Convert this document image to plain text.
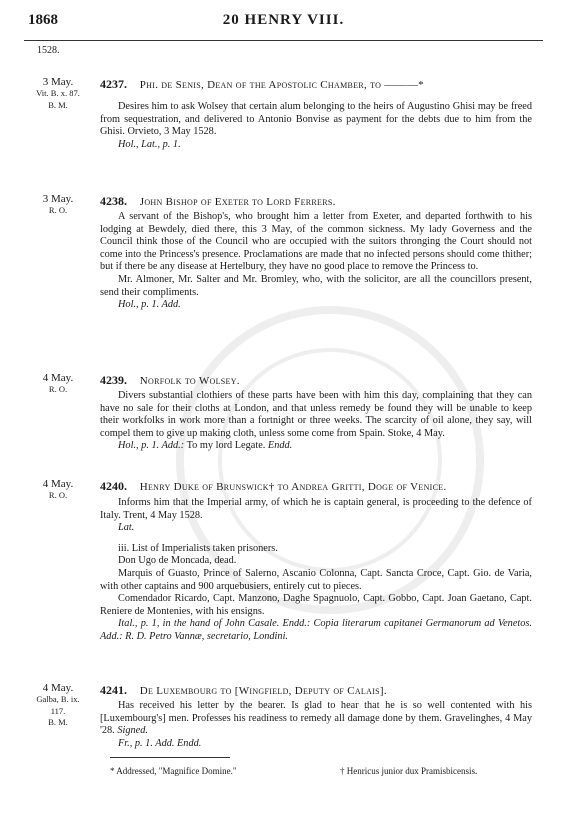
1868	20 HENRY VIII.
1528.
3 May.
Vit. B. x. 87.
B. M.
4237. Phi. de Senis, Dean of the Apostolic Chamber, to ———*

Desires him to ask Wolsey that certain alum belonging to the heirs of Augustino Ghisi may be freed from sequestration, and delivered to Antonio Bonvise as payment for the debts due to him from the Ghisi. Orvieto, 3 May 1528.

Hol., Lat., p. 1.

3 May.
R. O.
4238. John Bishop of Exeter to Lord Ferrers.

A servant of the Bishop's, who brought him a letter from Exeter, and departed forthwith to his lodging at Bewdely, died there, this 3 May, of the common sickness. My lady Governess and the Council think those of the Council who are occupied with the suitors thronging the Court should not come into the Princess's presence. Proclamations are made that no infected persons should come thither; but if there be any disease at Hertelbury, they have no good place to remove the Princess to.

Mr. Almoner, Mr. Salter and Mr. Bromley, who, with the solicitor, are all the councillors present, send their compliments.

Hol., p. 1. Add.

4 May.
R. O.
4239. Norfolk to Wolsey.

Divers substantial clothiers of these parts have been with him this day, complaining that they can have no sale for their cloths at London, and that unless remedy be found they will be unable to keep their workfolks in work more than a fortnight or three weeks. The scarcity of oil alone, they say, will compel them to give up making cloth, unless some come from Spain. Stoke, 4 May.

Hol., p. 1. Add.: To my lord Legate. Endd.

4 May.
R. O.
4240. Henry Duke of Brunswick† to Andrea Gritti, Doge of Venice.

Informs him that the Imperial army, of which he is captain general, is proceeding to the defence of Italy. Trent, 4 May 1528.

Lat.

iii. List of Imperialists taken prisoners.

Don Ugo de Moncada, dead.

Marquis of Guasto, Prince of Salerno, Ascanio Colonna, Capt. Sancta Croce, Capt. Gio. de Varia, with other captains and 900 arquebusiers, entirely cut to pieces.

Comendador Ricardo, Capt. Manzono, Daghe Spagnuolo, Capt. Gobbo, Capt. Joan Gaetano, Capt. Reniere de Montenies, with his ensigns.

Ital., p. 1, in the hand of John Casale. Endd.: Copia literarum capitanei Germanorum ad Venetos. Add.: R. D. Petro Vannæ, secretario, Londini.

4 May.
Galba, B. ix.
117.
B. M.
4241. De Luxembourg to [Wingfield, Deputy of Calais].

Has received his letter by the bearer. Is glad to hear that he is so well contented with his [Luxembourg's] men. Professes his readiness to remedy all damage done by them. Gravelinghes, 4 May '28. Signed.

Fr., p. 1. Add. Endd.

* Addressed, "Magnifice Domine."	† Henricus junior dux Pramisbicensis.
